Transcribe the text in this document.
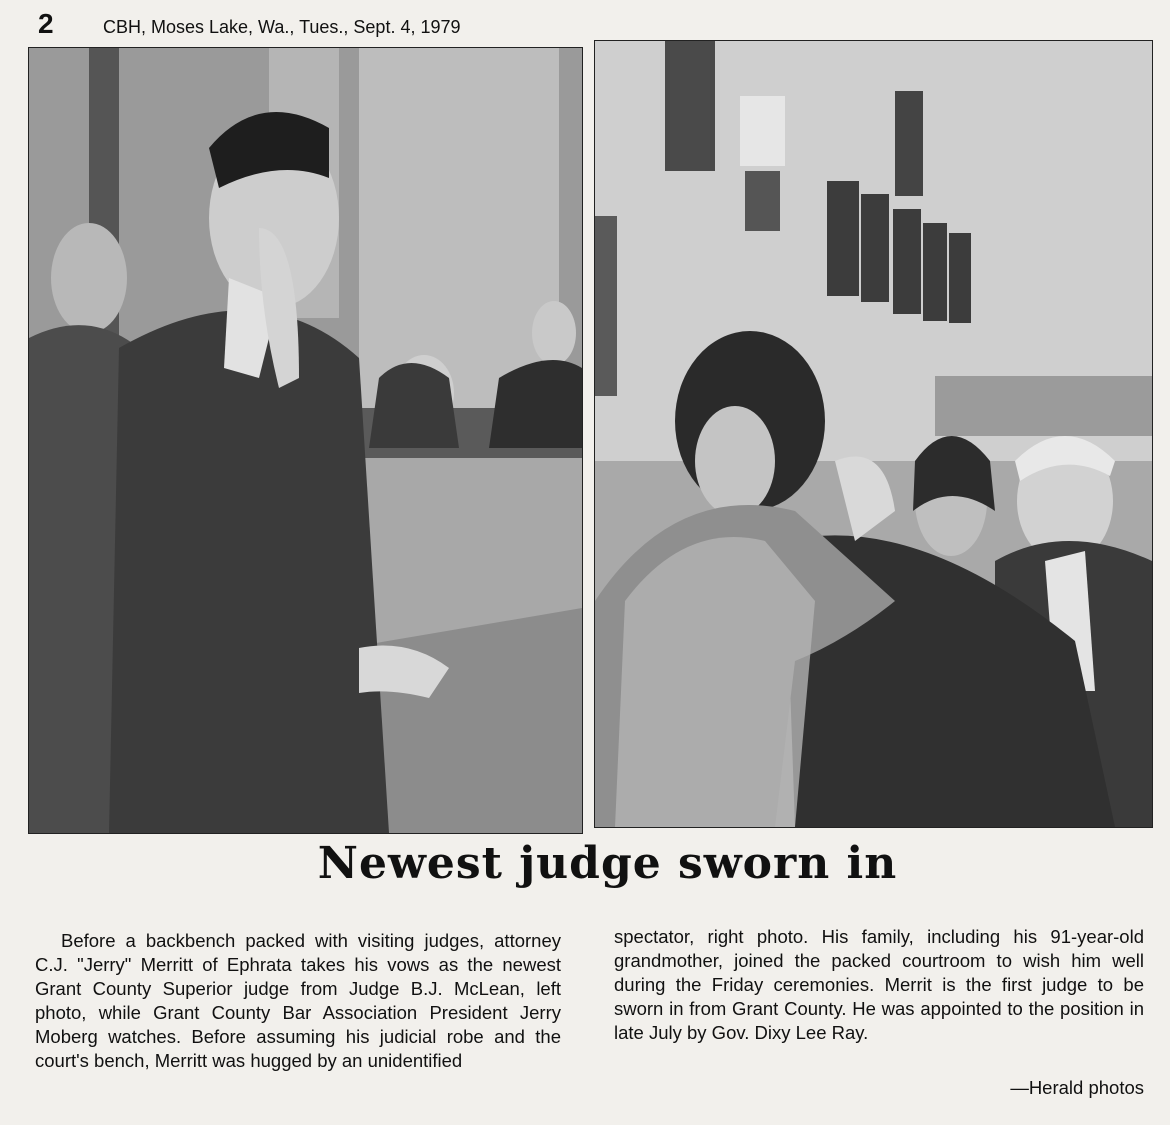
2	CBH, Moses Lake, Wa., Tues., Sept. 4, 1979
Newest judge sworn in

Before a backbench packed with visiting judges, attorney C.J. "Jerry" Merritt of Ephrata takes his vows as the newest Grant County Superior judge from Judge B.J. McLean, left photo, while Grant County Bar Association President Jerry Moberg watches. Before assuming his judicial robe and the court's bench, Merritt was hugged by an unidentified

spectator, right photo. His family, including his 91-year-old grandmother, joined the packed courtroom to wish him well during the Friday ceremonies. Merrit is the first judge to be sworn in from Grant County. He was appointed to the position in late July by Gov. Dixy Lee Ray.

—Herald photos
